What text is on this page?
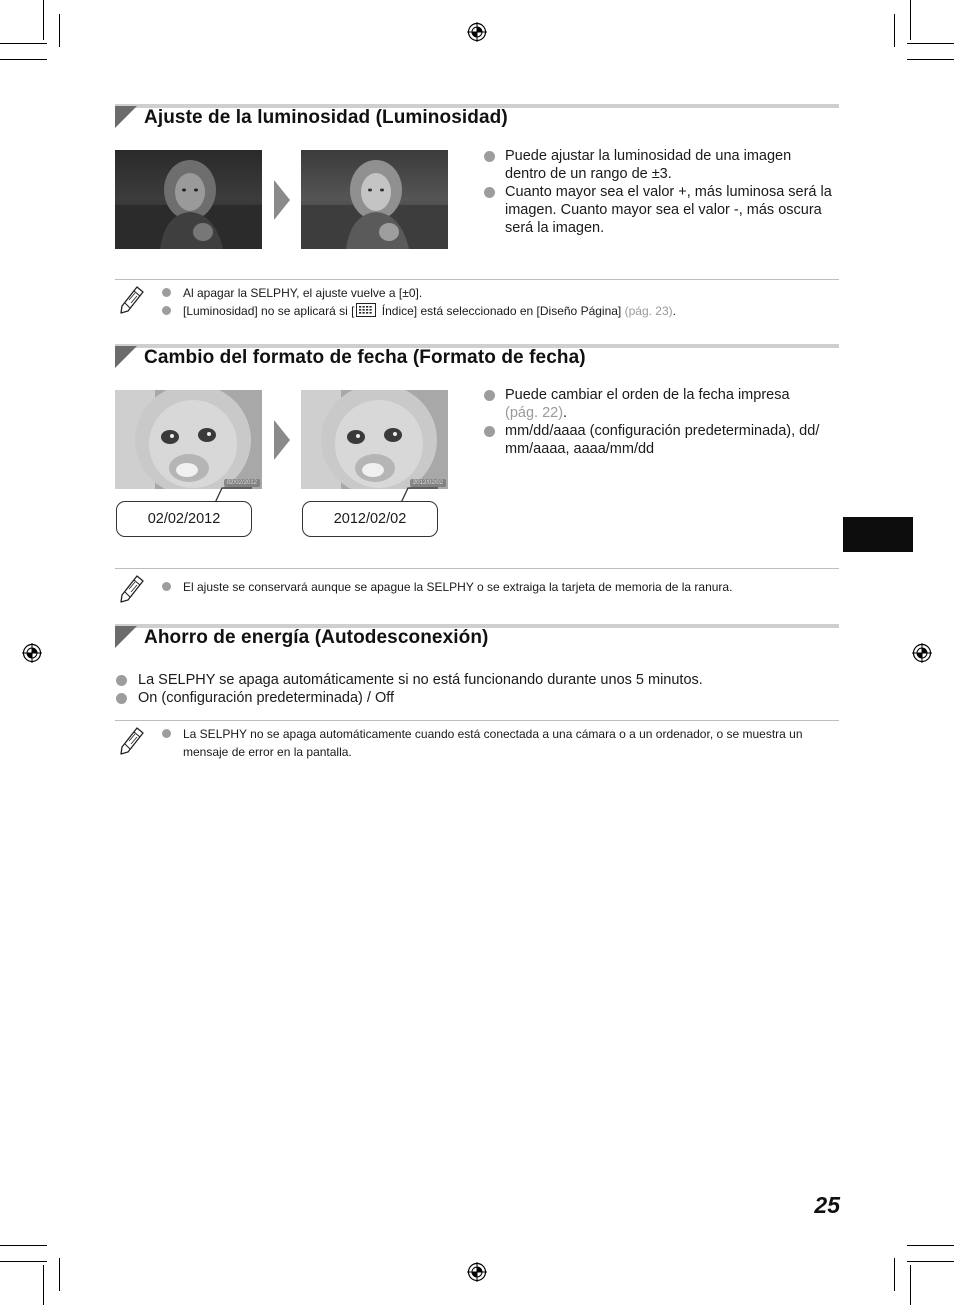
Ajuste de la luminosidad (Luminosidad)
Puede ajustar la luminosidad de una imagen dentro de un rango de ±3.
Cuanto mayor sea el valor +, más luminosa será la imagen. Cuanto mayor sea el valor -, más oscura será la imagen.
Al apagar la SELPHY, el ajuste vuelve a [±0].
[Luminosidad] no se aplicará si [ Índice] está seleccionado en [Diseño Página] (pág. 23).
Cambio del formato de fecha (Formato de fecha)
02/02/2012	2012/02/02
02/02/2012	2012/02/02
Puede cambiar el orden de la fecha impresa
(pág. 22).
mm/dd/aaaa (configuración predeterminada), dd/ mm/aaaa, aaaa/mm/dd
El ajuste se conservará aunque se apague la SELPHY o se extraiga la tarjeta de memoria de la ranura.
Ahorro de energía (Autodesconexión)
La SELPHY se apaga automáticamente si no está funcionando durante unos 5 minutos.
On (configuración predeterminada) / Off
La SELPHY no se apaga automáticamente cuando está conectada a una cámara o a un ordenador, o se muestra un mensaje de error en la pantalla.
25
